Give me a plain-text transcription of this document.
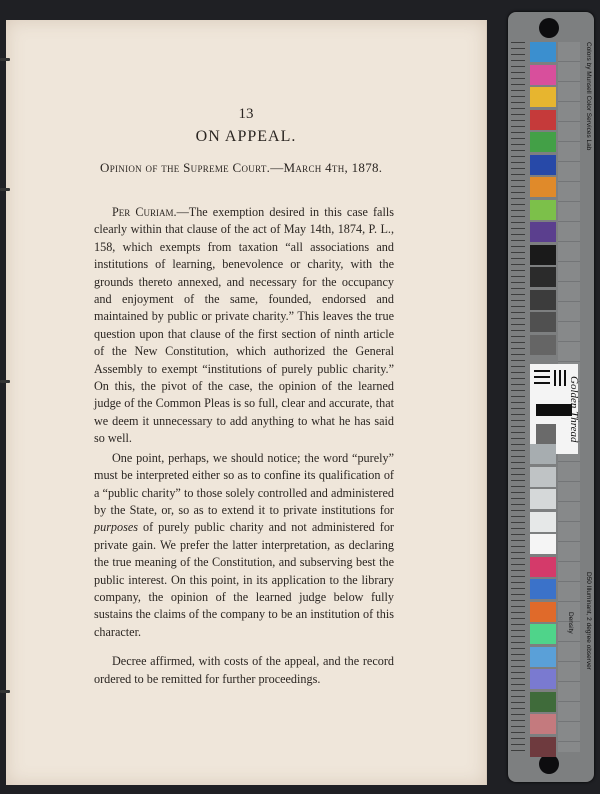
13
ON APPEAL.
Opinion of the Supreme Court.—March 4th, 1878.

Per Curiam.—The exemption desired in this case falls clearly within that clause of the act of May 14th, 1874, P. L., 158, which exempts from taxation “all associations and institutions of learning, benevolence or charity, with the grounds thereto annexed, and necessary for the occupancy and enjoyment of the same, founded, endorsed and maintained by public or private charity.” This leaves the true question upon that clause of the first section of ninth article of the New Constitution, which authorized the General Assembly to exempt “institutions of purely public charity.” On this, the pivot of the case, the opinion of the learned judge of the Common Pleas is so full, clear and accurate, that we deem it unnecessary to add anything to what he has said so well.

One point, perhaps, we should notice; the word “purely” must be interpreted either so as to confine its qualification of a “public charity” to those solely controlled and administered by the State, or, so as to extend it to private institutions for purposes of purely public charity and not administered for private gain. We prefer the latter interpretation, as declaring the true meaning of the Constitution, and subserving best the public interest. On this point, in its application to the library company, the opinion of the learned judge below fully sustains the claims of the company to be an institution of this character.

Decree affirmed, with costs of the appeal, and the record ordered to be remitted for further proceedings.

Golden Thread
Colors by Munsell Color Services Lab
D50 Illuminant, 2 degree observer
Density
